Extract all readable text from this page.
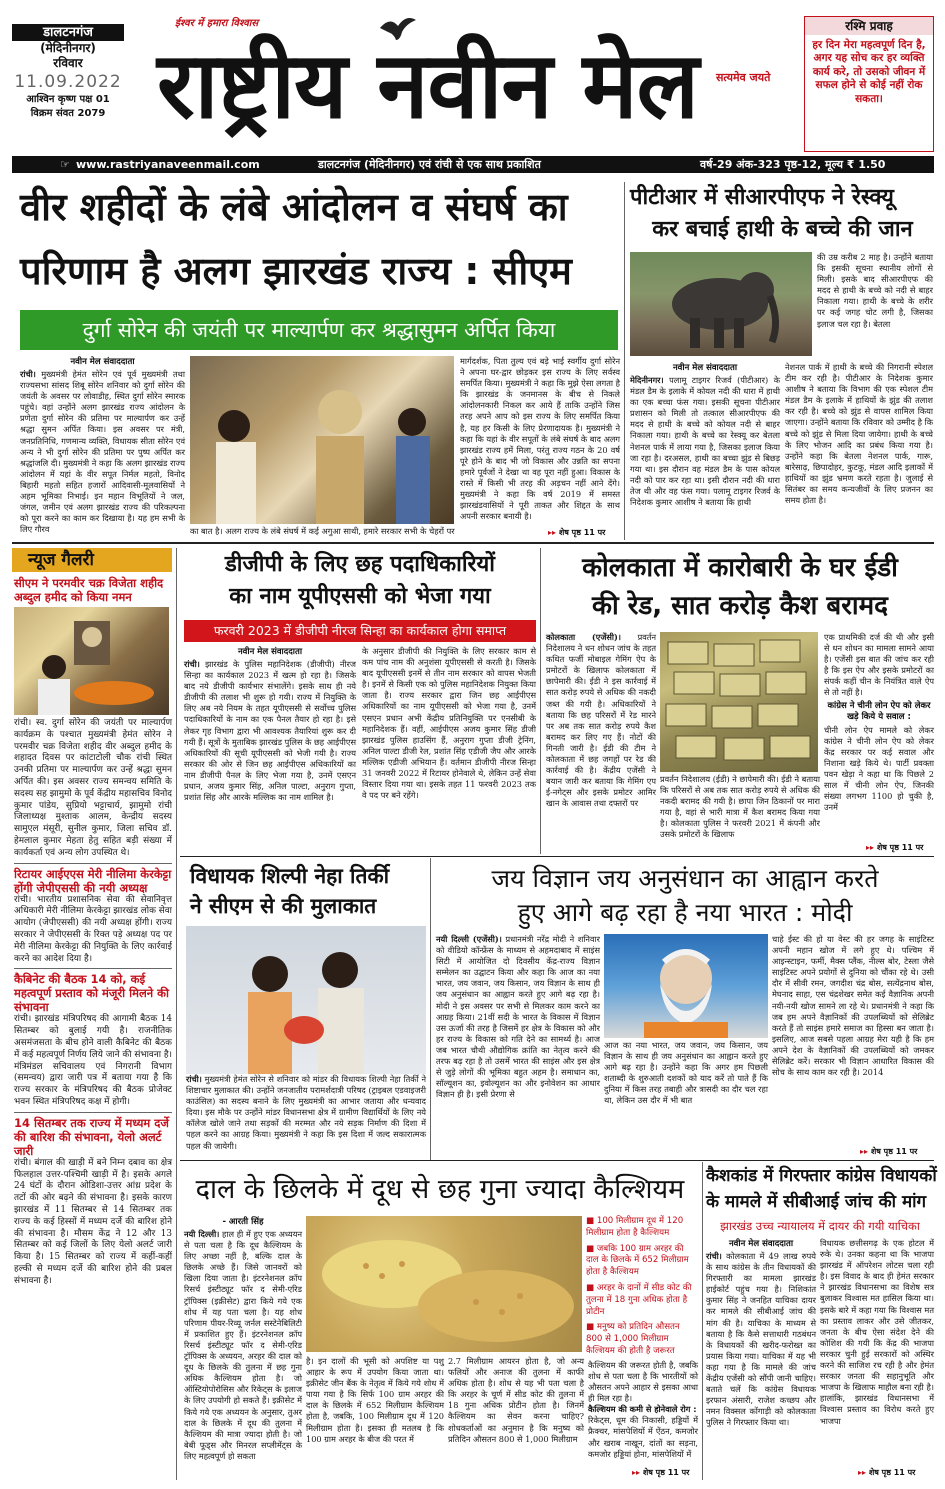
डालटनगंज
(मेदिनीनगर)
रविवार
11.09.2022
आश्विन कृष्ण पक्ष 01
विक्रम संवत 2079
ईश्वर में हमारा विश्वास
राष्ट्रीय नवीन मेल	सत्यमेव जयते
रश्मि प्रवाह
हर दिन मेरा महत्वपूर्ण दिन है, अगर यह सोच कर हर व्यक्ति कार्य करे, तो उसको जीवन में सफल होने से कोई नहीं रोक सकता।
☞ www.rastriyanaveenmail.com	डालटनगंज (मेदिनीनगर) एवं रांची से एक साथ प्रकाशित	वर्ष-29 अंक-323 पृष्ठ-12, मूल्य ₹ 1.50
वीर शहीदों के लंबे आंदोलन व संघर्ष का
परिणाम है अलग झारखंड राज्य : सीएम
दुर्गा सोरेन की जयंती पर माल्यार्पण कर श्रद्धासुमन अर्पित किया
नवीन मेल संवाददाता
रांची। मुख्यमंत्री हेमंत सोरेन एवं पूर्व मुख्यमंत्री तथा राज्यसभा सांसद शिबू सोरेन शनिवार को दुर्गा सोरेन की जयंती के अवसर पर लोवाडीह, स्थित दुर्गा सोरेन स्मारक पहुंचे। वहां उन्होंने अलग झारखंड राज्य आंदोलन के प्रणेता दुर्गा सोरेन की प्रतिमा पर माल्यार्पण कर उन्हें श्रद्धा सुमन अर्पित किया। इस अवसर पर मंत्री, जनप्रतिनिधि, गणमान्य व्यक्ति, विधायक सीता सोरेन एवं अन्य ने भी दुर्गा सोरेन की प्रतिमा पर पुष्प अर्पित कर श्रद्धांजलि दी। मुख्यमंत्री ने कहा कि अलग झारखंड राज्य आंदोलन में यहां के वीर सपूत निर्मल महतो, विनोद बिहारी महतो सहित हजारों आदिवासी-मूलवासियों ने अहम भूमिका निभाई। इन महान विभूतियों ने जल, जंगल, जमीन एवं अलग झारखंड राज्य की परिकल्पना को पूरा करने का काम कर दिखाया है। यह हम सभी के लिए गौरव	का बात है। अलग राज्य के लंबे संघर्ष में कई अगुआ साथी, हमारे सरकार सभी के चेहरों पर
मार्गदर्शक, पिता तुल्य एवं बड़े भाई स्वर्गीय दुर्गा सोरेन ने अपना घर-द्वार छोड़कर इस राज्य के लिए सर्वस्व समर्पित किया। मुख्यमंत्री ने कहा कि मुझे ऐसा लगता है कि झारखंड के जनमानस के बीच से निकले आंदोलनकारी निकल कर आये हैं ताकि उन्होंने जिस तरह अपने आप को इस राज्य के लिए समर्पित किया है, यह हर किसी के लिए प्रेरणादायक है। मुख्यमंत्री ने कहा कि यहां के वीर सपूतों के लंबे संघर्ष के बाद अलग झारखंड राज्य हमें मिला, परंतु राज्य गठन के 20 वर्ष पूरे होने के बाद भी जो विकास और उन्नति का सपना हमारे पूर्वजों ने देखा था वह पूरा नहीं हुआ। विकास के रास्ते में किसी भी तरह की अड़चन नहीं आने देंगे। मुख्यमंत्री ने कहा कि वर्ष 2019 में समस्त झारखंडवासियों ने पूरी ताकत और शिद्दत के साथ अपनी सरकार बनायी है।
▸▸ शेष पृष्ठ 11 पर
पीटीआर में सीआरपीएफ ने रेस्क्यू
कर बचाई हाथी के बच्चे की जान
की उम्र करीब 2 माह है। उन्होंने बताया कि इसकी सूचना स्थानीय लोगों से मिली। इसके बाद सीआरपीएफ की मदद से हाथी के बच्चे को नदी से बाहर निकाला गया। हाथी के बच्चे के शरीर पर कई जगह चोट लगी है, जिसका इलाज चल रहा है। बेतला
नवीन मेल संवाददाता
मेदिनीनगर। पलामू टाइगर रिजर्व (पीटीआर) के मंडल डैम के इलाके में कोयल नदी की धारा में हाथी का एक बच्चा फंस गया। इसकी सूचना पीटीआर प्रशासन को मिली तो तत्काल सीआरपीएफ की मदद से हाथी के बच्चे को कोयल नदी से बाहर निकाला गया। हाथी के बच्चे का रेस्क्यू कर बेतला नेशनल पार्क में लाया गया है, जिसका इलाज किया जा रहा है। दरअसल, हाथी का बच्चा झुंड से बिछड़ गया था। इस दौरान वह मंडल डैम के पास कोयल नदी को पार कर रहा था। इसी दौरान नदी की धारा तेज थी और वह फंस गया। पलामू टाइगर रिजर्व के निदेशक कुमार आशीष ने बताया कि हाथी
नेशनल पार्क में हाथी के बच्चे की निगरानी स्पेशल टीम कर रही है। पीटीआर के निदेशक कुमार आशीष ने बताया कि विभाग की एक स्पेशल टीम मंडल डैम के इलाके में हाथियों के झुंड की तलाश कर रही है। बच्चे को झुंड से वापस शामिल किया जाएगा। उन्होंने बताया कि रविवार को उम्मीद है कि बच्चे को झुंड से मिला दिया जायेगा। हाथी के बच्चे के लिए भोजन आदि का प्रबंध किया गया है। उन्होंने कहा कि बेतला नेशनल पार्क, गारू, बारेसाढ़, छिपादोहर, कुटकू, मंडल आदि इलाकों में हाथियों का झुंड भ्रमण करते रहता है। जुलाई से सितंबर का समय कन्यजीवों के लिए प्रजनन का समय होता है।
न्यूज गैलरी
सीएम ने परमवीर चक्र विजेता शहीद अब्दुल हमीद को किया नमन
रांची। स्व. दुर्गा सोरेन की जयंती पर माल्यार्पण कार्यक्रम के पश्चात मुख्यमंत्री हेमंत सोरेन ने परमवीर चक्र विजेता शहीद वीर अब्दुल हमीद के शहादत दिवस पर कांटाटोली चौक रांची स्थित उनकी प्रतिमा पर माल्यार्पण कर उन्हें श्रद्धा सुमन अर्पित की। इस अवसर राज्य समन्वय समिति के सदस्य सह झामुमो के पूर्व केंद्रीय महासचिव विनोद कुमार पांडेय, सुप्रियो भट्टाचार्य, झामुमो रांची जिलाध्यक्ष मुश्ताक आलम, केन्द्रीय सदस्य सामुएल मंसूरी, सुनील कुमार, जिला सचिव डॉ. हेमलाल कुमार मेहता हेतु सहित बड़ी संख्या में कार्यकर्ता एवं अन्य लोग उपस्थित थे।
रिटायर आईएएस मेरी नीलिमा केरकेट्टा होंगी जेपीएससी की नयी अध्यक्ष
रांची। भारतीय प्रशासनिक सेवा की सेवानिवृत्त अधिकारी मेरी नीलिमा केरकेट्टा झारखंड लोक सेवा आयोग (जेपीएससी) की नयी अध्यक्ष होंगी। राज्य सरकार ने जेपीएससी के रिक्त पड़े अध्यक्ष पद पर मेरी नीलिमा केरकेट्टा की नियुक्ति के लिए कार्रवाई करने का आदेश दिया है।
कैबिनेट की बैठक 14 को, कई महत्वपूर्ण प्रस्ताव को मंजूरी मिलने की संभावना
रांची। झारखंड मंत्रिपरिषद की आगामी बैठक 14 सितम्बर को बुलाई गयी है। राजनीतिक असमंजसता के बीच होने वाली कैबिनेट की बैठक में कई महत्वपूर्ण निर्णय लिये जाने की संभावना है। मंत्रिमंडल सचिवालय एवं निगरानी विभाग (समन्वय) द्वारा जारी पत्र में बताया गया है कि राज्य सरकार के मंत्रिपरिषद की बैठक प्रोजेक्ट भवन स्थित मंत्रिपरिषद कक्ष में होगी।
14 सितम्बर तक राज्य में मध्यम दर्जे की बारिश की संभावना, येलो अलर्ट जारी
रांची। बंगाल की खाड़ी में बने निम्न दबाव का क्षेत्र फिलहाल उत्तर-पश्चिमी खाड़ी में है। इसके अगले 24 घंटों के दौरान ओडिशा-उत्तर आंध्र प्रदेश के तटों की ओर बढ़ने की संभावना है। इसके कारण झारखंड में 11 सितम्बर से 14 सितम्बर तक राज्य के कई हिस्सों में मध्यम दर्जे की बारिश होने की संभावना है। मौसम केंद्र ने 12 और 13 सितम्बर को कई जिलों के लिए येलो अलर्ट जारी किया है। 15 सितम्बर को राज्य में कहीं-कहीं हल्की से मध्यम दर्जे की बारिश होने की प्रबल संभावना है।
डीजीपी के लिए छह पदाधिकारियों
का नाम यूपीएससी को भेजा गया
फरवरी 2023 में डीजीपी नीरज सिन्हा का कार्यकाल होगा समाप्त
नवीन मेल संवाददाता
रांची। झारखंड के पुलिस महानिदेशक (डीजीपी) नीरज सिन्हा का कार्यकाल 2023 में खत्म हो रहा है। जिसके बाद नये डीजीपी कार्यभार संभालेंगे। इसके साथ ही नये डीजीपी की तलाश भी शुरू हो गयी। राज्य में नियुक्ति के लिए अब नये नियम के तहत यूपीएससी से सर्वोच्च पुलिस पदाधिकारियों के नाम का एक पैनल तैयार हो रहा है। इसे लेकर गृह विभाग द्वारा भी आवश्यक तैयारियां शुरू कर दी गयी हैं। सूत्रों के मुताबिक झारखंड पुलिस के छह आईपीएस अधिकारियों की सूची यूपीएससी को भेजी गयी है। राज्य सरकार की ओर से जिन छह आईपीएस अधिकारियों का नाम डीजीपी पैनल के लिए भेजा गया है, उनमें एसएन प्रधान, अजय कुमार सिंह, अनिल पाल्टा, अनुराग गुप्ता, प्रशांत सिंह और आरके मल्लिक का नाम शामिल है।
के अनुसार डीजीपी की नियुक्ति के लिए सरकार काम से कम पांच नाम की अनुशंसा यूपीएससी से करती है। जिसके बाद यूपीएससी इनमें से तीन नाम सरकार को वापस भेजती है। इनमें से किसी एक को पुलिस महानिदेशक नियुक्त किया जाता है। राज्य सरकार द्वारा जिन छह आईपीएस अधिकारियों का नाम यूपीएससी को भेजा गया है, उनमें एसएन प्रधान अभी केंद्रीय प्रतिनियुक्ति पर एनसीबी के महानिदेशक हैं। वहीं, आईपीएस अजय कुमार सिंह डीजी झारखंड पुलिस हाउसिंग हैं, अनुराग गुप्ता डीजी ट्रेनिंग, अनिल पाल्टा डीजी रेल, प्रशांत सिंह एडीजी जैप और आरके मल्लिक एडीजी अभियान हैं। वर्तमान डीजीपी नीरज सिन्हा 31 जनवरी 2022 में रिटायर होनेवाले थे, लेकिन उन्हें सेवा विस्तार दिया गया था। इसके तहत 11 फरवरी 2023 तक वे पद पर बने रहेंगे।
कोलकाता में कारोबारी के घर ईडी
की रेड, सात करोड़ कैश बरामद
कोलकाता (एजेंसी)। प्रवर्तन निदेशालय ने धन शोधन जांच के तहत कथित फर्जी मोबाइल गेमिंग ऐप के प्रमोटरों के खिलाफ कोलकाता में छापेमारी की। ईडी ने इस कार्रवाई में सात करोड़ रुपये से अधिक की नकदी जब्त की गयी है। अधिकारियों ने बताया कि छह परिसरों में रेड मारने पर अब तक सात करोड़ रुपये कैश बरामद कर लिए गए हैं। नोटों की गिनती जारी है। ईडी की टीम ने कोलकाता में छह जगहों पर रेड की कार्रवाई की है। केंद्रीय एजेंसी ने बयान जारी कर बताया कि गेमिंग एप ई-नगेट्स और इसके प्रमोटर आमिर खान के आवास तथा दफ्तरों पर
प्रवर्तन निदेशालय (ईडी) ने छापेमारी की। ईडी ने बताया कि परिसरों से अब तक सात करोड़ रुपये से अधिक की नकदी बरामद की गयी है। छापा जिन ठिकानों पर मारा गया है, वहां से भारी मात्रा में कैश बरामद किया गया है। कोलकाता पुलिस ने फरवरी 2021 में कंपनी और उसके प्रमोटरों के खिलाफ
एक प्राथमिकी दर्ज की थी और इसी से धन शोधन का मामला सामने आया है। एजेंसी इस बात की जांच कर रही है कि इस ऐप और इसके प्रमोटरों का संपर्क कहीं चीन के नियंत्रित वाले ऐप से तो नहीं है।
कांग्रेस ने चीनी लोन ऐप को लेकर खड़े किये ये सवाल :
चीनी लोन ऐप मामले को लेकर कांग्रेस ने चीनी लोन ऐप को लेकर केंद्र सरकार पर कई सवाल और निशाना खड़े किये थे। पार्टी प्रवक्ता पवन खेड़ा ने कहा था कि पिछले 2 साल में चीनी लोन ऐप, जिनकी संख्या लगभग 1100 हो चुकी है, उनमें
▸▸ शेष पृष्ठ 11 पर
विधायक शिल्पी नेहा तिर्की
ने सीएम से की मुलाकात
रांची। मुख्यमंत्री हेमंत सोरेन से शनिवार को मांडर की विधायक शिल्पी नेहा तिर्की ने शिष्टाचार मुलाकात की। उन्होंने जनजातीय परामर्शदात्री परिषद (ट्राइबल एडवाइजरी काउंसिल) का सदस्य बनाने के लिए मुख्यमंत्री का आभार जताया और धन्यवाद दिया। इस मौके पर उन्होंने मांडर विधानसभा क्षेत्र में ग्रामीण विद्यार्थियों के लिए नये कॉलेज खोले जाने तथा सड़कों की मरम्मत और नये सड़क निर्माण की दिशा में पहल करने का आग्रह किया। मुख्यमंत्री ने कहा कि इस दिशा में जल्द सकारात्मक पहल की जायेगी।
जय विज्ञान जय अनुसंधान का आह्वान करते
हुए आगे बढ़ रहा है नया भारत : मोदी
नयी दिल्ली (एजेंसी)। प्रधानमंत्री नरेंद्र मोदी ने शनिवार को वीडियो कॉन्फ्रेंस के माध्यम से अहमदाबाद में साइंस सिटी में आयोजित दो दिवसीय केंद्र-राज्य विज्ञान सम्मेलन का उद्घाटन किया और कहा कि आज का नया भारत, जय जवान, जय किसान, जय विज्ञान के साथ ही जय अनुसंधान का आह्वान करते हुए आगे बढ़ रहा है। मोदी ने इस अवसर पर सभी से मिलकर काम करने का आग्रह किया। 21वीं सदी के भारत के विकास में विज्ञान उस ऊर्जा की तरह है जिसमें हर क्षेत्र के विकास को और हर राज्य के विकास को गति देने का सामर्थ्य है। आज जब भारत चौथी औद्योगिक क्रांति का नेतृत्व करने की तरफ बढ़ रहा है तो उसमें भारत की साइंस और इस क्षेत्र से जुड़े लोगों की भूमिका बहुत अहम है। समाधान का, सॉल्यूशन का, इवोल्यूशन का और इनोवेशन का आधार विज्ञान ही है। इसी प्रेरणा से
आज का नया भारत, जय जवान, जय किसान, जय विज्ञान के साथ ही जय अनुसंधान का आह्वान करते हुए आगे बढ़ रहा है। उन्होंने कहा कि अगर हम पिछली शताब्दी के शुरुआती दशकों को याद करें तो पाते हैं कि दुनिया में किस तरह तबाही और त्रासदी का दौर चल रहा था, लेकिन उस दौर में भी बात
चाहे ईस्ट की हो या वेस्ट की हर जगह के साइंटिस्ट अपनी महान खोज में लगे हुए थे। पश्चिम में आइन्स्टाइन, फर्मी, मैक्स प्लैंक, नील्स बोर, टेस्ला जैसे साइंटिस्ट अपने प्रयोगों से दुनिया को चौंका रहे थे। उसी दौर में सीवी रमन, जगदीश चंद्र बोस, सत्येंद्रनाथ बोस, मेघनाद साहा, एस चंद्रशेखर समेत कई वैज्ञानिक अपनी नयी-नयी खोज सामने ला रहे थे। प्रधानमंत्री ने कहा कि जब हम अपने वैज्ञानिकों की उपलब्धियों को सेलिब्रेट करते हैं तो साइंस हमारे समाज का हिस्सा बन जाता है। इसलिए, आज सबसे पहला आग्रह मेरा यही है कि हम अपने देश के वैज्ञानिकों की उपलब्धियों को जमकर सेलिब्रेट करें। सरकार भी विज्ञान आधारित विकास की सोच के साथ काम कर रही है। 2014
▸▸ शेष पृष्ठ 11 पर
दाल के छिलके में दूध से छह गुना ज्यादा कैल्शियम
- आरती सिंह
नयी दिल्ली। हाल ही में हुए एक अध्ययन से पता चला है कि दूध कैल्शियम के लिए अच्छा नहीं है, बल्कि दाल के छिलके अच्छे हैं। जिसे जानवरों को खिला दिया जाता है। इंटरनेशनल क्रॉप रिसर्च इंस्टीट्यूट फॉर द सेमी-एरिड ट्रॉपिक्स (इक्रीसेट) द्वारा किये गये एक शोध में यह पता चला है। यह शोध परिणाम पीयर-रिव्यू जर्नल सस्टेनेबिलिटी में प्रकाशित हुए हैं। इंटरनेशनल क्रॉप रिसर्च इंस्टीट्यूट फॉर द सेमी-एरिड ट्रॉपिक्स के अध्ययन, अरहर की दाल को दूध के छिलके की तुलना में छह गुना अधिक कैल्शियम होता है। जो ऑस्टियोपोरोसिस और रिकेट्स के इलाज के लिए उपयोगी हो सकते हैं। इक्रीसेट में किये गये एक अध्ययन के अनुसार, तुअर दाल के छिलके में दूध की तुलना में कैल्शियम की मात्रा ज्यादा होती है। जो बेबी फूड्स और मिनरल सप्लीमेंट्स के लिए महत्वपूर्ण हो सकता
है। इन दालों की भूसी को अपशिष्ट या पशु आहार के रूप में उपयोग किया जाता था। इक्रीसेट जीन बैंक के नेतृत्व में किये गये शोध में पाया गया है कि सिर्फ 100 ग्राम अरहर की दाल के छिलके में 652 मिलीग्राम कैल्शियम होता है, जबकि, 100 मिलीग्राम दूध में 120 मिलीग्राम होता है। इसका ही मतलब है कि 100 ग्राम अरहर के बीज की परत में
2.7 मिलीग्राम आयरन होता है, जो अन्य फलियों और अनाज की तुलना में काफी अधिक होता है। शोध से यह भी पता चला है कि अरहर के चूर्ण में सीड कोट की तुलना में 18 गुना अधिक प्रोटीन होता है। जिनमें कैल्शियम का सेवन करना चाहिए? शोधकर्ताओं का अनुमान है कि मनुष्य को प्रतिदिन औसतन 800 से 1,000 मिलीग्राम
■ 100 मिलीग्राम दूध में 120 मिलीग्राम होता है कैल्शियम
■ जबकि 100 ग्राम अरहर की दाल के छिलके में 652 मिलीग्राम होता है कैल्शियम
■ अरहर के दानों में सीड कोट की तुलना में 18 गुना अधिक होता है प्रोटीन
■ मनुष्य को प्रतिदिन औसतन 800 से 1,000 मिलीग्राम कैल्शियम की होती है जरूरत
कैल्शियम की जरूरत होती है, जबकि शोध से पता चला है कि भारतीयों को औसतन अपने आहार से इसका आधा ही मिल रहा है।
कैल्शियम की कमी से होनेवाले रोग :
रिकेट्स, धूम की निकासी, हड्डियों में फ्रैक्चर, मांसपेशियों में ऐंठन, कमजोर और खराब नाखून, दांतों का सड़ना, कमजोर हड्डियां होना, मांसपेशियों में
▸▸ शेष पृष्ठ 11 पर
कैशकांड में गिरफ्तार कांग्रेस विधायकों
के मामले में सीबीआई जांच की मांग
झारखंड उच्च न्यायालय में दायर की गयी याचिका
नवीन मेल संवाददाता
रांची। कोलकाता में 49 लाख रुपये के साथ कांग्रेस के तीन विधायकों की गिरफ्तारी का मामला झारखंड हाईकोर्ट पहुंच गया है। निशिकांत कुमार सिंह ने जनहित याचिका दायर कर मामले की सीबीआई जांच की मांग की है। याचिका के माध्यम से बताया है कि कैसे सत्ताधारी गठबंधन के विधायकों की खरीद-फरोख्त का प्रयास किया गया। याचिका में यह भी कहा गया है कि मामले की जांच केंद्रीय एजेंसी को सौंपी जानी चाहिए। बताते चलें कि कांग्रेस विधायक इरफान अंसारी, राजेश कच्छप और नमन विक्सल कोंगाड़ी को कोलकाता पुलिस ने गिरफ्तार किया था।
विधायक छत्तीसगढ़ के एक होटल में रुके थे। उनका कहना था कि भाजपा झारखंड में ऑपरेशन लोटस चला रही है। इस विवाद के बाद ही हेमंत सरकार ने झारखंड विधानसभा का विशेष सत्र बुलाकर विश्वास मत हासिल किया था। इसके बारे में कहा गया कि विश्वास मत का प्रस्ताव लाकर और उसे जीतकर, जनता के बीच ऐसा संदेश देने की कोशिश की गयी कि केंद्र की भाजपा सरकार चुनी हुई सरकारों को अस्थिर करने की साजिश रच रही है और हेमंत सरकार जनता की सहानुभूति और भाजपा के खिलाफ माहौल बना रही है। हालांकि, झारखंड विधानसभा में विश्वास प्रस्ताव का विरोध करते हुए भाजपा
▸▸ शेष पृष्ठ 11 पर
